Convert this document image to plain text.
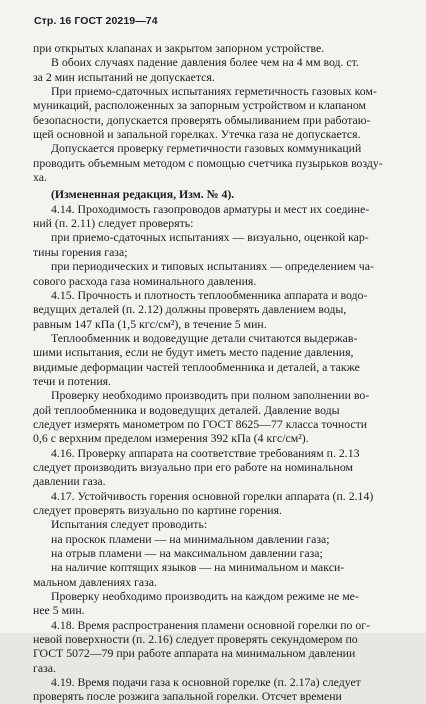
Стр. 16 ГОСТ 20219—74
при открытых клапанах и закрытом запорном устройстве.
В обоих случаях падение давления более чем на 4 мм вод. ст.
за 2 мин испытаний не допускается.
При приемо-сдаточных испытаниях герметичность газовых ком-
муникаций, расположенных за запорным устройством и клапаном
безопасности, допускается проверять обмыливанием при работаю-
щей основной и запальной горелках. Утечка газа не допускается.
Допускается проверку герметичности газовых коммуникаций
проводить объемным методом с помощью счетчика пузырьков возду-
ха.
(Измененная редакция, Изм. № 4).
4.14. Проходимость газопроводов арматуры и мест их соедине-
ний (п. 2.11) следует проверять:
при приемо-сдаточных испытаниях — визуально, оценкой кар-
тины горения газа;
при периодических и типовых испытаниях — определением ча-
сового расхода газа номинального давления.
4.15. Прочность и плотность теплообменника аппарата и водо-
ведущих деталей (п. 2.12) должны проверять давлением воды,
равным 147 кПа (1,5 кгс/см²), в течение 5 мин.
Теплообменник и водоведущие детали считаются выдержав-
шими испытания, если не будут иметь место падение давления,
видимые деформации частей теплообменника и деталей, а также
течи и потения.
Проверку необходимо производить при полном заполнении во-
дой теплообменника и водоведущих деталей. Давление воды
следует измерять манометром по ГОСТ 8625—77 класса точности
0,6 с верхним пределом измерения 392 кПа (4 кгс/см²).
4.16. Проверку аппарата на соответствие требованиям п. 2.13
следует производить визуально при его работе на номинальном
давлении газа.
4.17. Устойчивость горения основной горелки аппарата (п. 2.14)
следует проверять визуально по картине горения.
Испытания следует проводить:
на проскок пламени — на минимальном давлении газа;
на отрыв пламени — на максимальном давлении газа;
на наличие коптящих языков — на минимальном и макси-
мальном давлениях газа.
Проверку необходимо производить на каждом режиме не ме-
нее 5 мин.
4.18. Время распространения пламени основной горелки по ог-
невой поверхности (п. 2.16) следует проверять секундомером по
ГОСТ 5072—79 при работе аппарата на минимальном давлении
газа.
4.19. Время подачи газа к основной горелке (п. 2.17а) следует
проверять после розжига запальной горелки. Отсчет времени
